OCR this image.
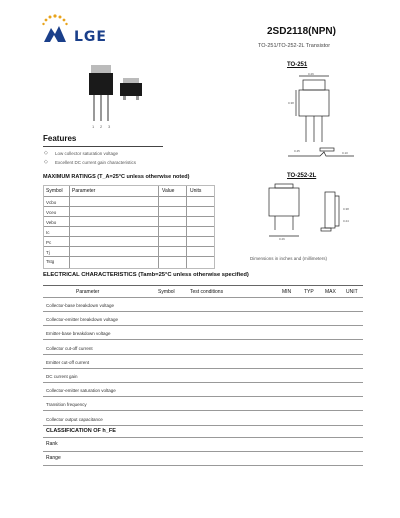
LGE	2SD2118(NPN)
TO-251/TO-252-2L Transistor
1 2 3
TO-251
0.26
0.38
0.45	0.10
TO-252-2L
0.26
0.38
0.24
Dimensions in inches and (millimeters)
Features
◇ Low collector saturation voltage
◇ Excellent DC current gain characteristics
MAXIMUM RATINGS (T_A=25°C unless otherwise noted)
Symbol Parameter	Value	Units
Vcbo
Vceo
Vebo
Ic
Pc
Tj
Tstg
ELECTRICAL CHARACTERISTICS (Tamb=25°C unless otherwise specified)
Parameter	Symbol	Test conditions	MIN	TYP MAX UNIT
Collector-base breakdown voltage
Collector-emitter breakdown voltage
Emitter-base breakdown voltage
Collector cut-off current
Emitter cut-off current
DC current gain
Collector-emitter saturation voltage
Transition frequency
Collector output capacitance
CLASSIFICATION OF h_FE
Rank
Range
